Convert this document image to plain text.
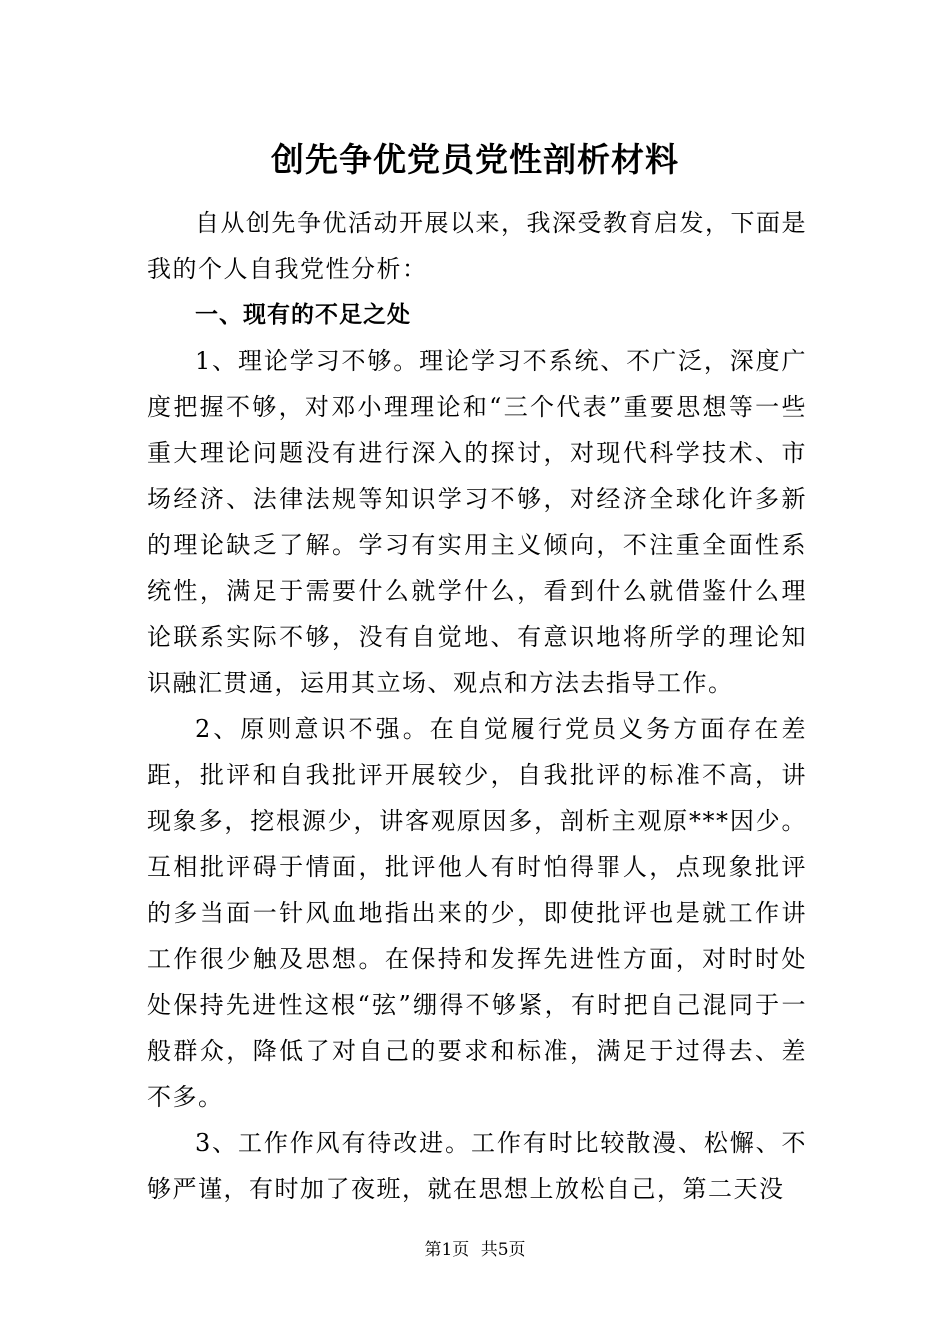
创先争优党员党性剖析材料

自从创先争优活动开展以来，我深受教育启发，下面是我的个人自我党性分析：

一、现有的不足之处

1、理论学习不够。理论学习不系统、不广泛，深度广度把握不够，对邓小理理论和“三个代表”重要思想等一些重大理论问题没有进行深入的探讨，对现代科学技术、市场经济、法律法规等知识学习不够，对经济全球化许多新的理论缺乏了解。学习有实用主义倾向，不注重全面性系统性，满足于需要什么就学什么，看到什么就借鉴什么理论联系实际不够，没有自觉地、有意识地将所学的理论知识融汇贯通，运用其立场、观点和方法去指导工作。

2、原则意识不强。在自觉履行党员义务方面存在差距，批评和自我批评开展较少，自我批评的标准不高，讲现象多，挖根源少，讲客观原因多，剖析主观原***因少。互相批评碍于情面，批评他人有时怕得罪人，点现象批评的多当面一针风血地指出来的少，即使批评也是就工作讲工作很少触及思想。在保持和发挥先进性方面，对时时处处保持先进性这根“弦”绷得不够紧，有时把自己混同于一般群众，降低了对自己的要求和标准，满足于过得去、差不多。

3、工作作风有待改进。工作有时比较散漫、松懈、不够严谨，有时加了夜班，就在思想上放松自己，第二天没

第1页 共5页
